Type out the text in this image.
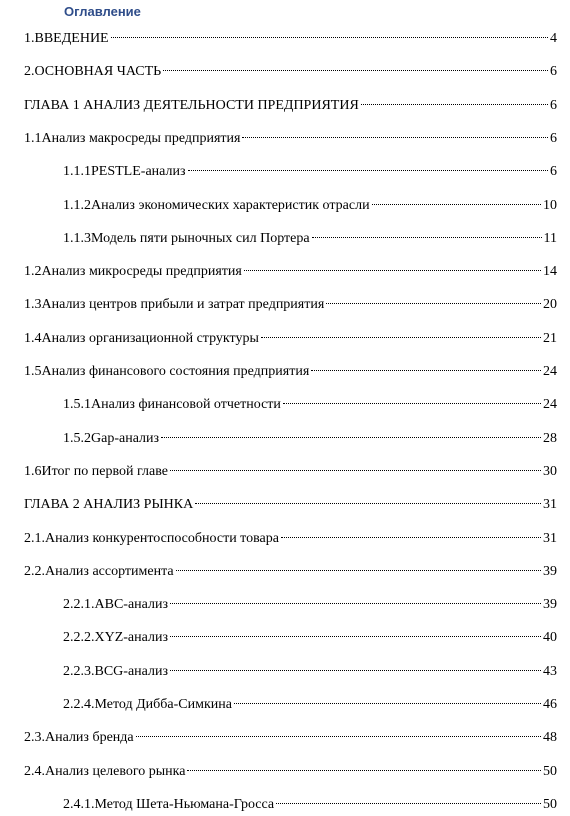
Оглавление
1.ВВЕДЕНИЕ	4
2.ОСНОВНАЯ ЧАСТЬ	6
ГЛАВА 1 АНАЛИЗ ДЕЯТЕЛЬНОСТИ ПРЕДПРИЯТИЯ	6
1.1Анализ макросреды предприятия	6
1.1.1PESTLE-анализ	6
1.1.2Анализ экономических характеристик отрасли	10
1.1.3Модель пяти рыночных сил Портера	11
1.2Анализ микросреды предприятия	14
1.3Анализ центров прибыли и затрат предприятия	20
1.4Анализ организационной структуры	21
1.5Анализ финансового состояния предприятия	24
1.5.1Анализ финансовой отчетности	24
1.5.2Gap-анализ	28
1.6Итог по первой главе	30
ГЛАВА 2 АНАЛИЗ РЫНКА	31
2.1.Анализ конкурентоспособности товара	31
2.2.Анализ ассортимента	39
2.2.1.ABC-анализ	39
2.2.2.XYZ-анализ	40
2.2.3.BCG-анализ	43
2.2.4.Метод Дибба-Симкина	46
2.3.Анализ бренда	48
2.4.Анализ целевого рынка	50
2.4.1.Метод Шета-Ньюмана-Гросса	50
